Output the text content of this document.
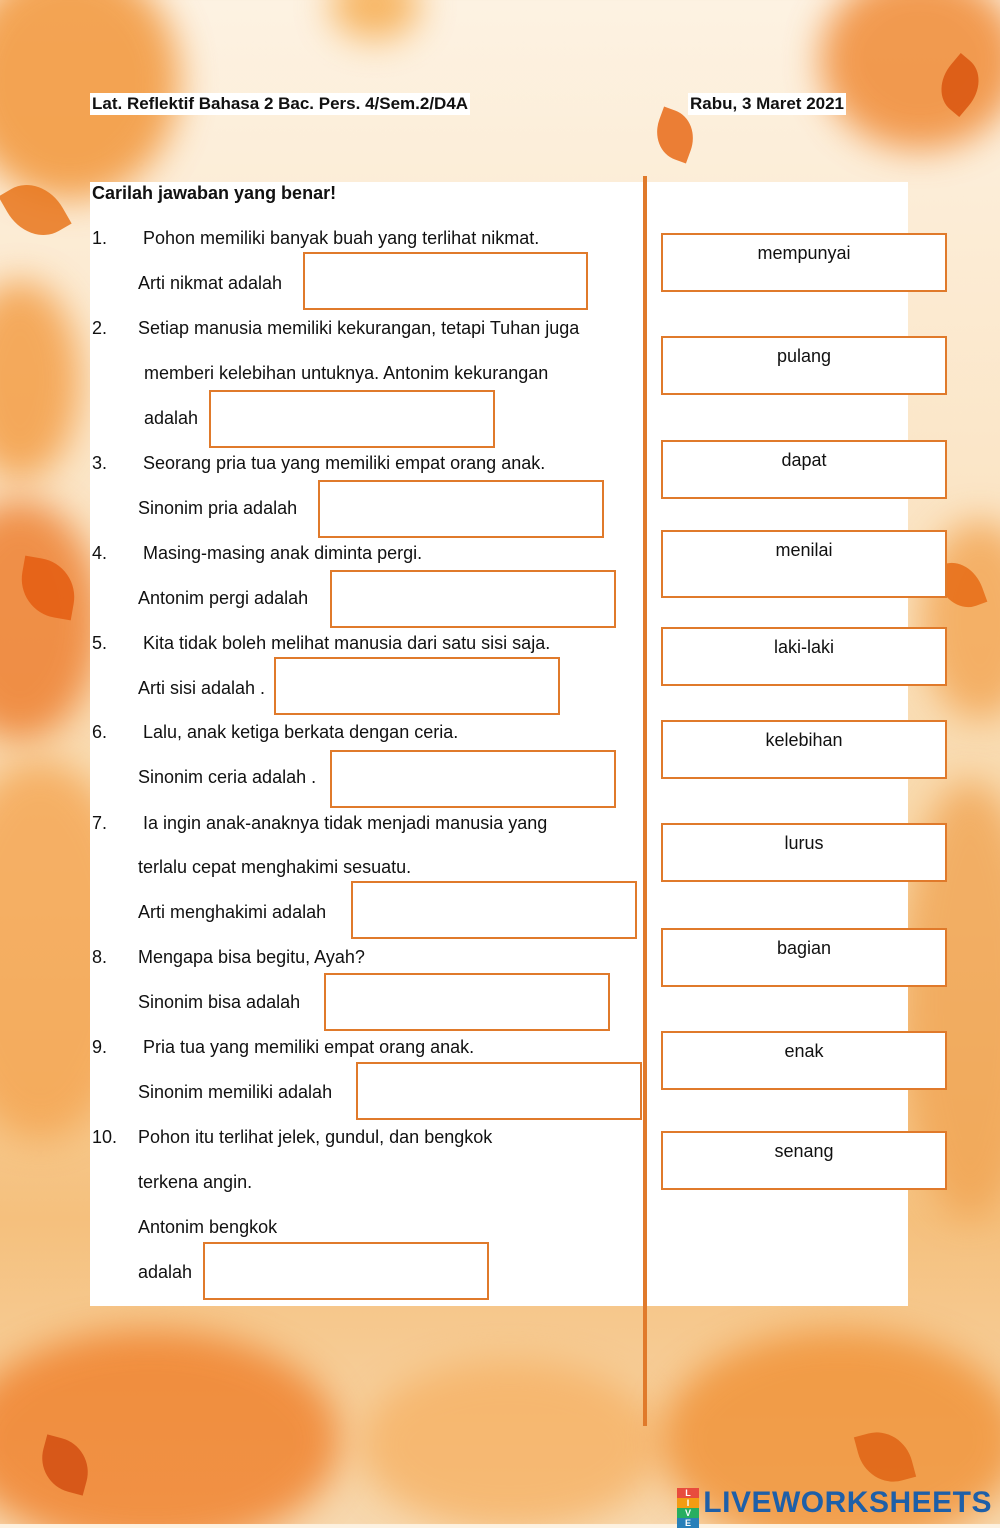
Lat. Reflektif Bahasa 2 Bac. Pers. 4/Sem.2/D4A	Rabu, 3 Maret 2021
Carilah jawaban yang benar!
1. Pohon memiliki banyak buah yang terlihat nikmat.
Arti nikmat adalah
2. Setiap manusia memiliki kekurangan, tetapi Tuhan juga
memberi kelebihan untuknya. Antonim kekurangan
adalah
3. Seorang pria tua yang memiliki empat orang anak.
Sinonim pria adalah
4. Masing-masing anak diminta pergi.
Antonim pergi adalah
5. Kita tidak boleh melihat manusia dari satu sisi saja.
Arti sisi adalah .
6. Lalu, anak ketiga berkata dengan ceria.
Sinonim ceria adalah .
7. Ia ingin anak-anaknya tidak menjadi manusia yang
terlalu cepat menghakimi sesuatu.
Arti menghakimi adalah
8. Mengapa bisa begitu, Ayah?
Sinonim bisa adalah
9. Pria tua yang memiliki empat orang anak.
Sinonim memiliki adalah
10. Pohon itu terlihat jelek, gundul, dan bengkok
terkena angin.
Antonim bengkok
adalah
mempunyai
pulang
dapat
menilai
laki-laki
kelebihan
lurus
bagian
enak
senang
L
I
V
E
LIVEWORKSHEETS
